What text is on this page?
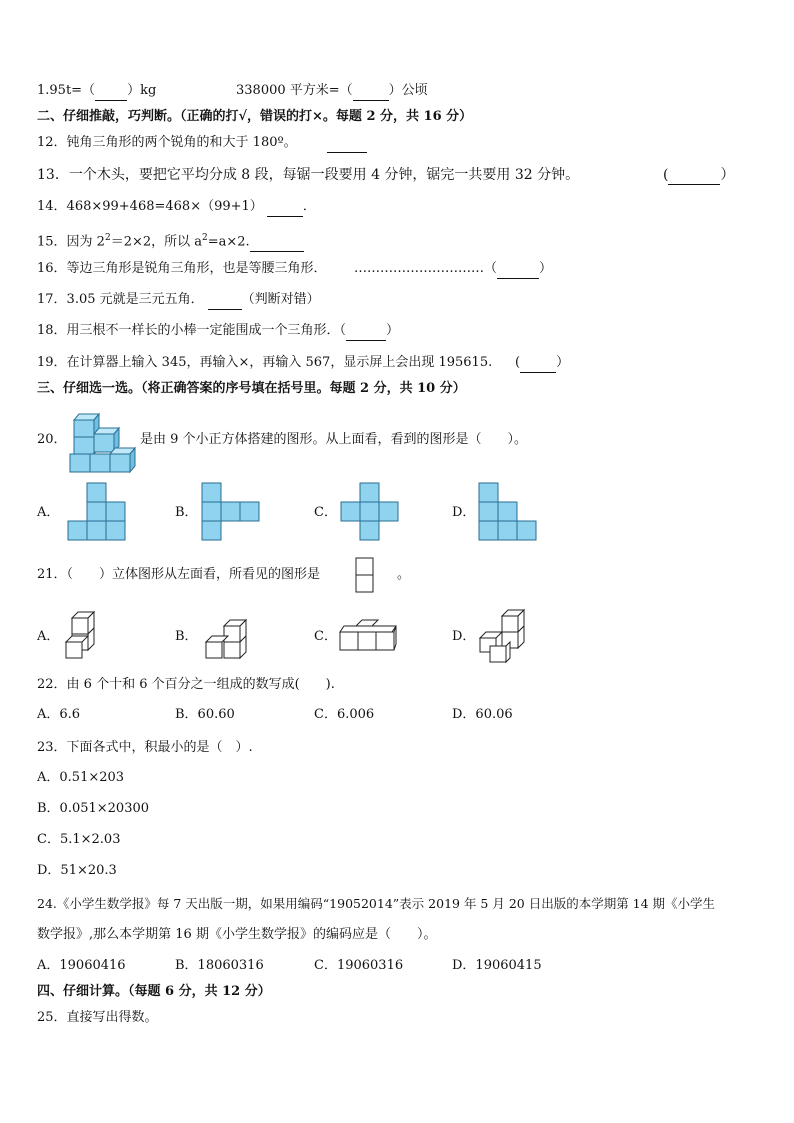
1.95t=（ ）kg	338000 平方米=（	）公顷
二、仔细推敲，巧判断。（正确的打√，错误的打×。每题 2 分，共 16 分）
12．钝角三角形的两个锐角的和大于 180º。

13．一个木头，要把它平均分成 8 段，每锯一段要用 4 分钟，锯完一共要用 32 分钟。	(	）
14．468×99+468=468×（99+1）	．
15．因为 $2^2=2\times 2$，所以 $a^2=a\times 2$.
16．等边三角形是锐角三角形，也是等腰三角形． …………………………（	）
17．3.05 元就是三元五角．	（判断对错）
18．用三根不一样长的小棒一定能围成一个三角形．（	）
19．在计算器上输入 345，再输入×，再输入 567，显示屏上会出现 195615. (	）
三、仔细选一选。（将正确答案的序号填在括号里。每题 2 分，共 10 分）
20．	是由 9 个小正方体搭建的图形。从上面看，看到的图形是（　　）。
A．	B．	C．	D．
21．（　　）立体图形从左面看，所看见的图形是	。
A．	B．	C．	D．
22．由 6 个十和 6 个百分之一组成的数写成(　　).
A．6.6	B．60.60	C．6.006	D．60.06
23．下面各式中，积最小的是（　）.
A．0.51×203
B．0.051×20300
C．5.1×2.03
D．51×20.3
24.《小学生数学报》每 7 天出版一期，如果用编码“19052014”表示 2019 年 5 月 20 日出版的本学期第 14 期《小学生
数学报》,那么本学期第 16 期《小学生数学报》的编码应是（　　）。
A．19060416	B．18060316	C．19060316	D．19060415
四、仔细计算。（每题 6 分，共 12 分）
25．直接写出得数。
